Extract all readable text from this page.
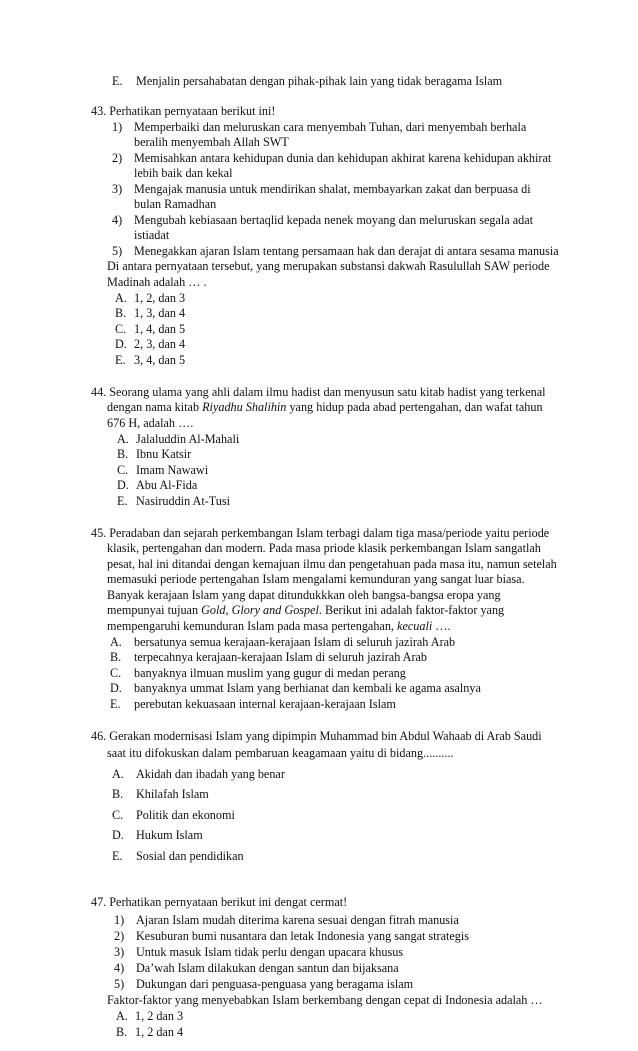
E. Menjalin persahabatan dengan pihak-pihak lain yang tidak beragama Islam
43. Perhatikan pernyataan berikut ini!
1) Memperbaiki dan meluruskan cara menyembah Tuhan, dari menyembah berhala
beralih menyembah Allah SWT
2) Memisahkan antara kehidupan dunia dan kehidupan akhirat karena kehidupan akhirat
lebih baik dan kekal
3) Mengajak manusia untuk mendirikan shalat, membayarkan zakat dan berpuasa di
bulan Ramadhan
4) Mengubah kebiasaan bertaqlid kepada nenek moyang dan meluruskan segala adat
istiadat
5) Menegakkan ajaran Islam tentang persamaan hak dan derajat di antara sesama manusia
Di antara pernyataan tersebut, yang merupakan substansi dakwah Rasulullah SAW periode
Madinah adalah … .
A. 1, 2, dan 3
B. 1, 3, dan 4
C. 1, 4, dan 5
D. 2, 3, dan 4
E. 3, 4, dan 5
44. Seorang ulama yang ahli dalam ilmu hadist dan menyusun satu kitab hadist yang terkenal
dengan nama kitab Riyadhu Shalihin yang hidup pada abad pertengahan, dan wafat tahun
676 H, adalah ….
A. Jalaluddin Al-Mahali
B. Ibnu Katsir
C. Imam Nawawi
D. Abu Al-Fida
E. Nasiruddin At-Tusi
45. Peradaban dan sejarah perkembangan Islam terbagi dalam tiga masa/periode yaitu periode
klasik, pertengahan dan modern. Pada masa priode klasik perkembangan Islam sangatlah
pesat, hal ini ditandai dengan kemajuan ilmu dan pengetahuan pada masa itu, namun setelah
memasuki periode pertengahan Islam mengalami kemunduran yang sangat luar biasa.
Banyak kerajaan Islam yang dapat ditundukkkan oleh bangsa-bangsa eropa yang
mempunyai tujuan Gold, Glory and Gospel. Berikut ini adalah faktor-faktor yang
mempengaruhi kemunduran Islam pada masa pertengahan, kecuali ….
A. bersatunya semua kerajaan-kerajaan Islam di seluruh jazirah Arab
B. terpecahnya kerajaan-kerajaan Islam di seluruh jazirah Arab
C. banyaknya ilmuan muslim yang gugur di medan perang
D. banyaknya ummat Islam yang berhianat dan kembali ke agama asalnya
E. perebutan kekuasaan internal kerajaan-kerajaan Islam
46. Gerakan modernisasi Islam yang dipimpin Muhammad bin Abdul Wahaab di Arab Saudi
saat itu difokuskan dalam pembaruan keagamaan yaitu di bidang..........
A. Akidah dan ibadah yang benar
B. Khilafah Islam
C. Politik dan ekonomi
D. Hukum Islam
E. Sosial dan pendidikan
47. Perhatikan pernyataan berikut ini dengat cermat!
1) Ajaran Islam mudah diterima karena sesuai dengan fitrah manusia
2) Kesuburan bumi nusantara dan letak Indonesia yang sangat strategis
3) Untuk masuk Islam tidak perlu dengan upacara khusus
4) Da’wah Islam dilakukan dengan santun dan bijaksana
5) Dukungan dari penguasa-penguasa yang beragama islam
Faktor-faktor yang menyebabkan Islam berkembang dengan cepat di Indonesia adalah …
A. 1, 2 dan 3
B. 1, 2 dan 4
